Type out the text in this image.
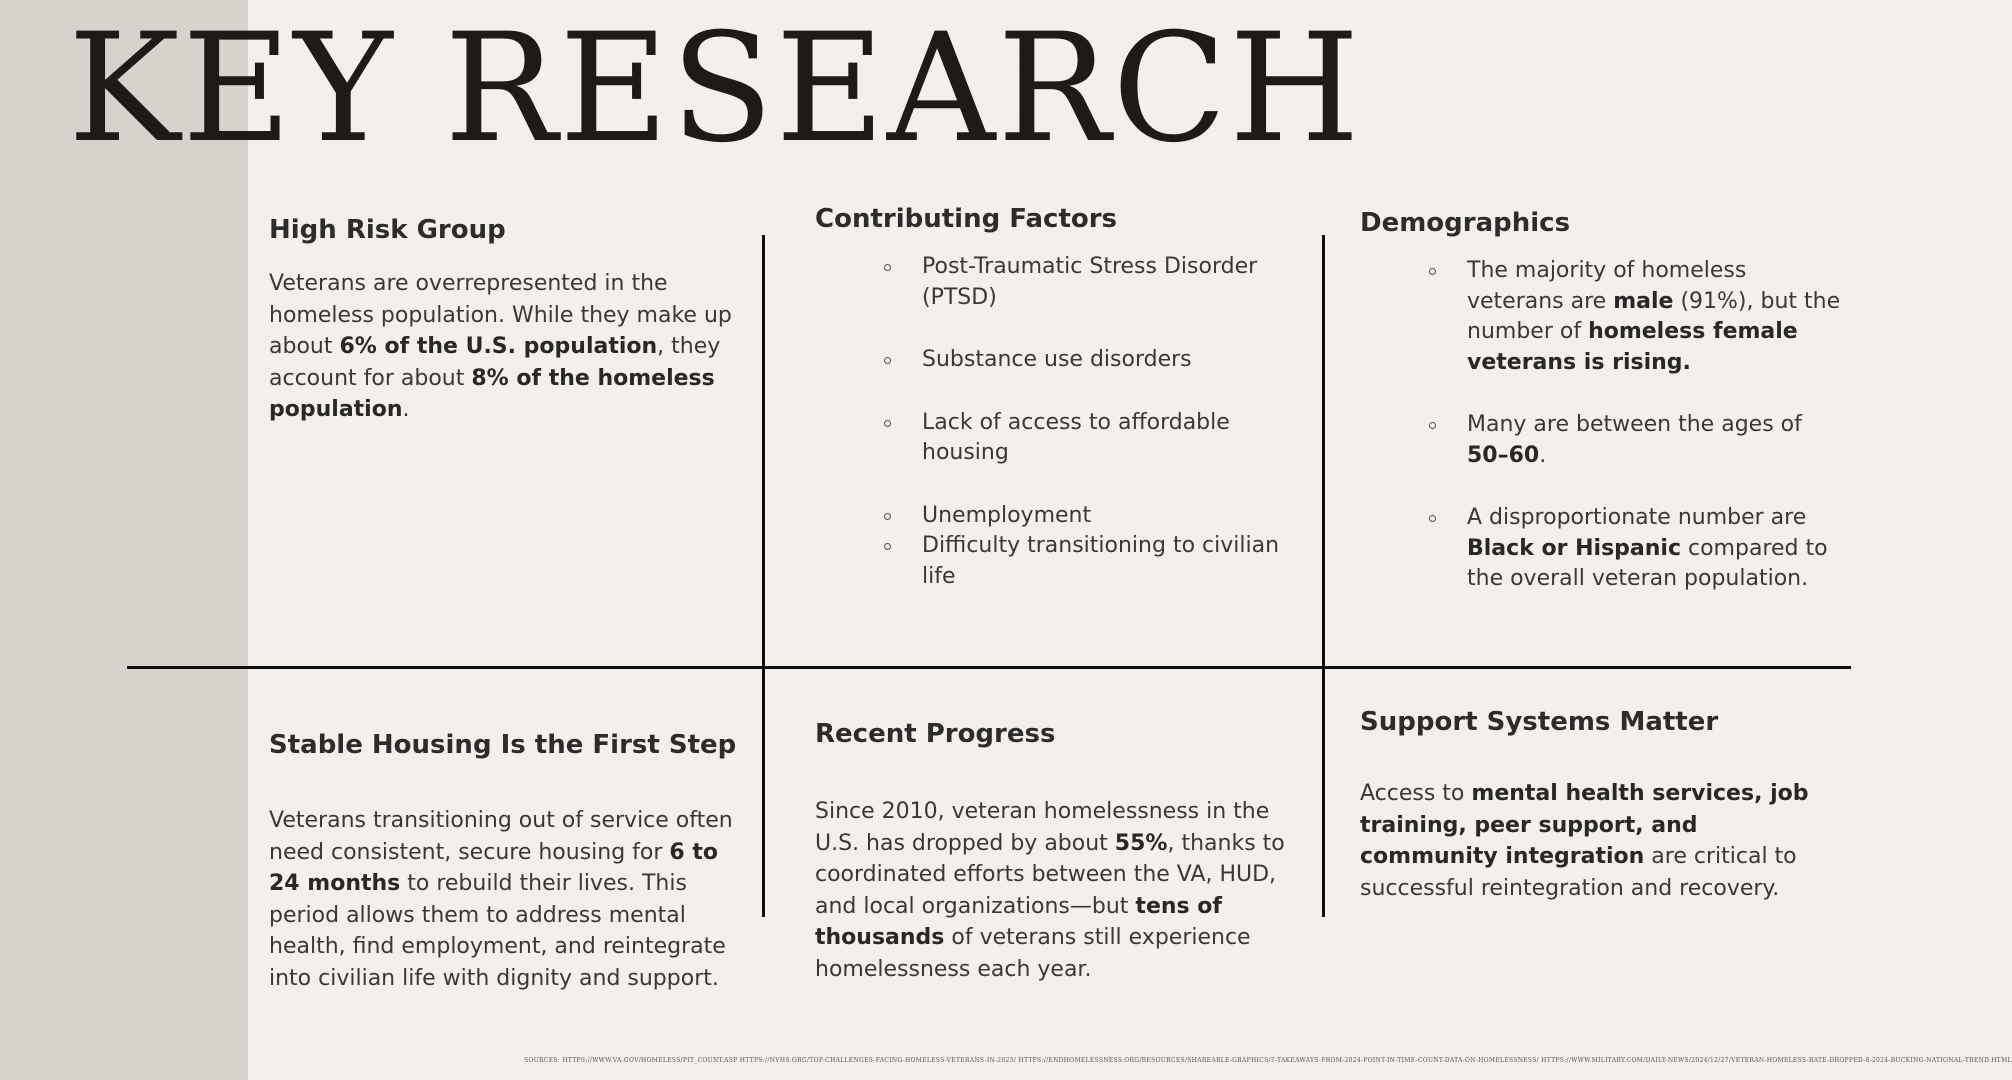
KEY RESEARCH
High Risk Group

Veterans are overrepresented in the homeless population. While they make up about 6% of the U.S. population, they account for about 8% of the homeless population.

Contributing Factors
Post-Traumatic Stress Disorder (PTSD)
Substance use disorders
Lack of access to affordable housing
Unemployment
Difficulty transitioning to civilian life
Demographics
The majority of homeless veterans are male (91%), but the number of homeless female veterans is rising.
Many are between the ages of 50–60.
A disproportionate number are Black or Hispanic compared to the overall veteran population.
Stable Housing Is the First Step

Veterans transitioning out of service often need consistent, secure housing for 6 to 24 months to rebuild their lives. This period allows them to address mental health, find employment, and reintegrate into civilian life with dignity and support.

Recent Progress

Since 2010, veteran homelessness in the U.S. has dropped by about 55%, thanks to coordinated efforts between the VA, HUD, and local organizations—but tens of thousands of veterans still experience homelessness each year.

Support Systems Matter

Access to mental health services, job training, peer support, and community integration are critical to successful reintegration and recovery.

SOURCES: HTTPS://WWW.VA.GOV/HOMELESS/PIT_COUNT.ASP HTTPS://NVHS.ORG/TOP-CHALLENGES-FACING-HOMELESS-VETERANS-IN-2025/ HTTPS://ENDHOMELESSNESS.ORG/RESOURCES/SHAREABLE-GRAPHICS/7-TAKEAWAYS-FROM-2024-POINT-IN-TIME-COUNT-DATA-ON-HOMELESSNESS/ HTTPS://WWW.MILITARY.COM/DAILY-NEWS/2024/12/27/VETERAN-HOMELESS-RATE-DROPPED-8-2024-BUCKING-NATIONAL-TREND.HTML
